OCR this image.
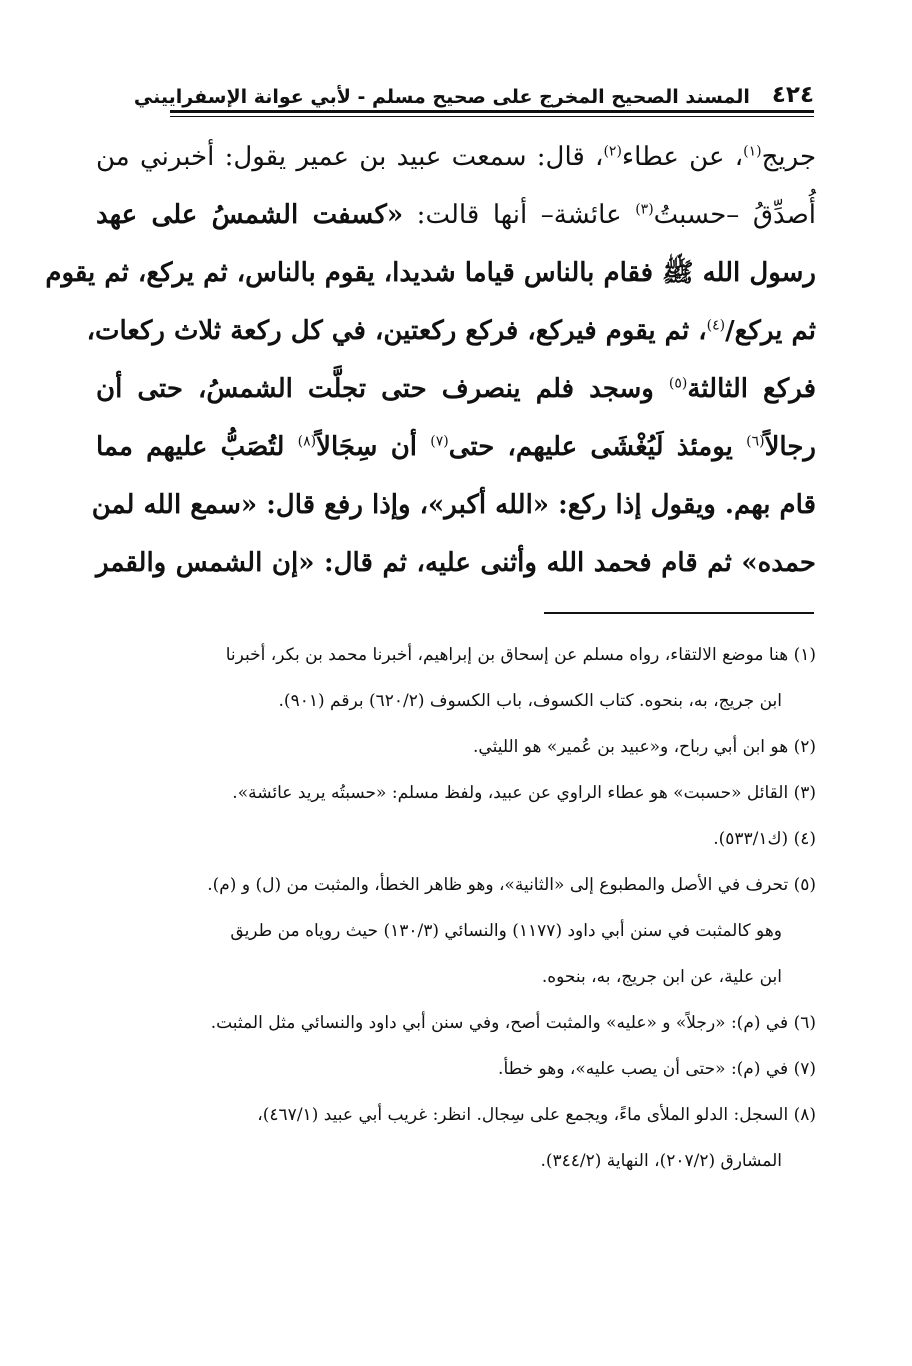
٤٢٤
المسند الصحيح المخرج على صحيح مسلم - لأبي عوانة الإسفراييني
جريج$^{(١)}$، عن عطاء$^{(٢)}$، قال: سمعت عبيد بن عمير يقول: أخبرني من
أُصدِّقُ –حسبتُ$^{(٣)}$ عائشة– أنها قالت: «كسفت الشمسُ على عهد
رسول الله ﷺ فقام بالناس قياما شديدا، يقوم بالناس، ثم يركع، ثم يقوم
ثم يركع/$^{(٤)}$، ثم يقوم فيركع، فركع ركعتين، في كل ركعة ثلاث ركعات،
فركع الثالثة$^{(٥)}$ وسجد فلم ينصرف حتى تجلَّت الشمسُ، حتى أن
رجالاً$^{(٦)}$ يومئذ لَيُغْشَى عليهم، حتى$^{(٧)}$ أن سِجَالاً$^{(٨)}$ لتُصَبُّ عليهم مما
قام بهم. ويقول إذا ركع: «الله أكبر»، وإذا رفع قال: «سمع الله لمن
حمده» ثم قام فحمد الله وأثنى عليه، ثم قال: «إن الشمس والقمر
(١) هنا موضع الالتقاء، رواه مسلم عن إسحاق بن إبراهيم، أخبرنا محمد بن بكر، أخبرنا
ابن جريج، به، بنحوه. كتاب الكسوف، باب الكسوف (٦٢٠/٢) برقم (٩٠١).
(٢) هو ابن أبي رباح، و«عبيد بن عُمير» هو الليثي.
(٣) القائل «حسبت» هو عطاء الراوي عن عبيد، ولفظ مسلم: «حسبتُه يريد عائشة».
(٤) (ك٥٣٣/١).
(٥) تحرف في الأصل والمطبوع إلى «الثانية»، وهو ظاهر الخطأ، والمثبت من (ل) و (م).
وهو كالمثبت في سنن أبي داود (١١٧٧) والنسائي (١٣٠/٣) حيث روياه من طريق
ابن علية، عن ابن جريج، به، بنحوه.
(٦) في (م): «رجلاً» و «عليه» والمثبت أصح، وفي سنن أبي داود والنسائي مثل المثبت.
(٧) في (م): «حتى أن يصب عليه»، وهو خطأ.
(٨) السجل: الدلو الملأى ماءً، ويجمع على سِجال. انظر: غريب أبي عبيد (٤٦٧/١)،
المشارق (٢٠٧/٢)، النهاية (٣٤٤/٢).
